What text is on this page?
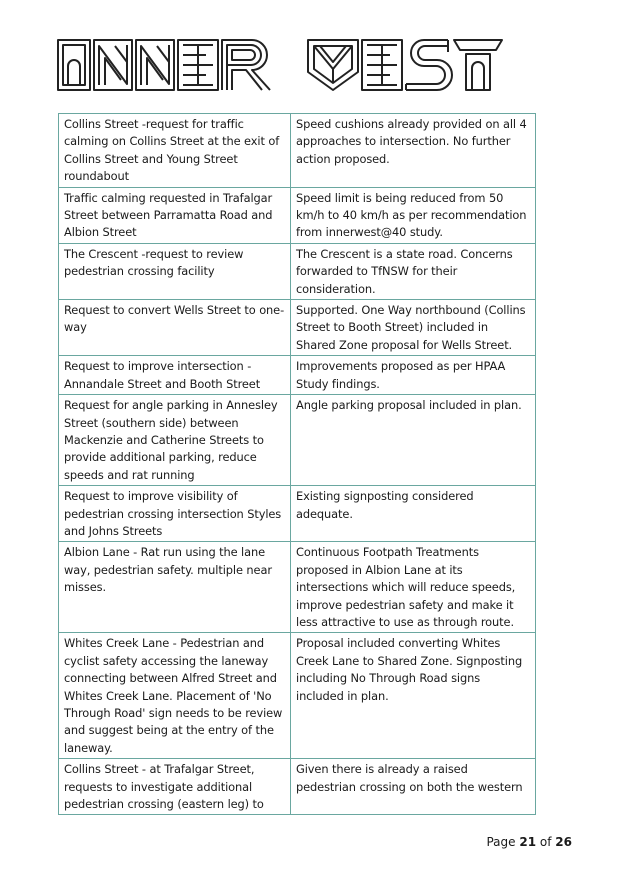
Collins Street -request for traffic calming on Collins Street at the exit of Collins Street and Young Street roundabout	Speed cushions already provided on all 4 approaches to intersection. No further action proposed.
Traffic calming requested in Trafalgar Street between Parramatta Road and Albion Street	Speed limit is being reduced from 50 km/h to 40 km/h as per recommendation from innerwest@40 study.
The Crescent -request to review pedestrian crossing facility	The Crescent is a state road. Concerns forwarded to TfNSW for their consideration.
Request to convert Wells Street to one-way	Supported. One Way northbound (Collins Street to Booth Street) included in Shared Zone proposal for Wells Street.
Request to improve intersection - Annandale Street and Booth Street	Improvements proposed as per HPAA Study findings.
Request for angle parking in Annesley Street (southern side) between Mackenzie and Catherine Streets to provide additional parking, reduce speeds and rat running	Angle parking proposal included in plan.
Request to improve visibility of pedestrian crossing intersection Styles and Johns Streets	Existing signposting considered adequate.
Albion Lane - Rat run using the lane way, pedestrian safety. multiple near misses.	Continuous Footpath Treatments proposed in Albion Lane at its intersections which will reduce speeds, improve pedestrian safety and make it less attractive to use as through route.
Whites Creek Lane - Pedestrian and cyclist safety accessing the laneway connecting between Alfred Street and Whites Creek Lane. Placement of 'No Through Road' sign needs to be review and suggest being at the entry of the laneway.	Proposal included converting Whites Creek Lane to Shared Zone. Signposting including No Through Road signs included in plan.
Collins Street - at Trafalgar Street, requests to investigate additional pedestrian crossing (eastern leg) to	Given there is already a raised pedestrian crossing on both the western
Page 21 of 26
